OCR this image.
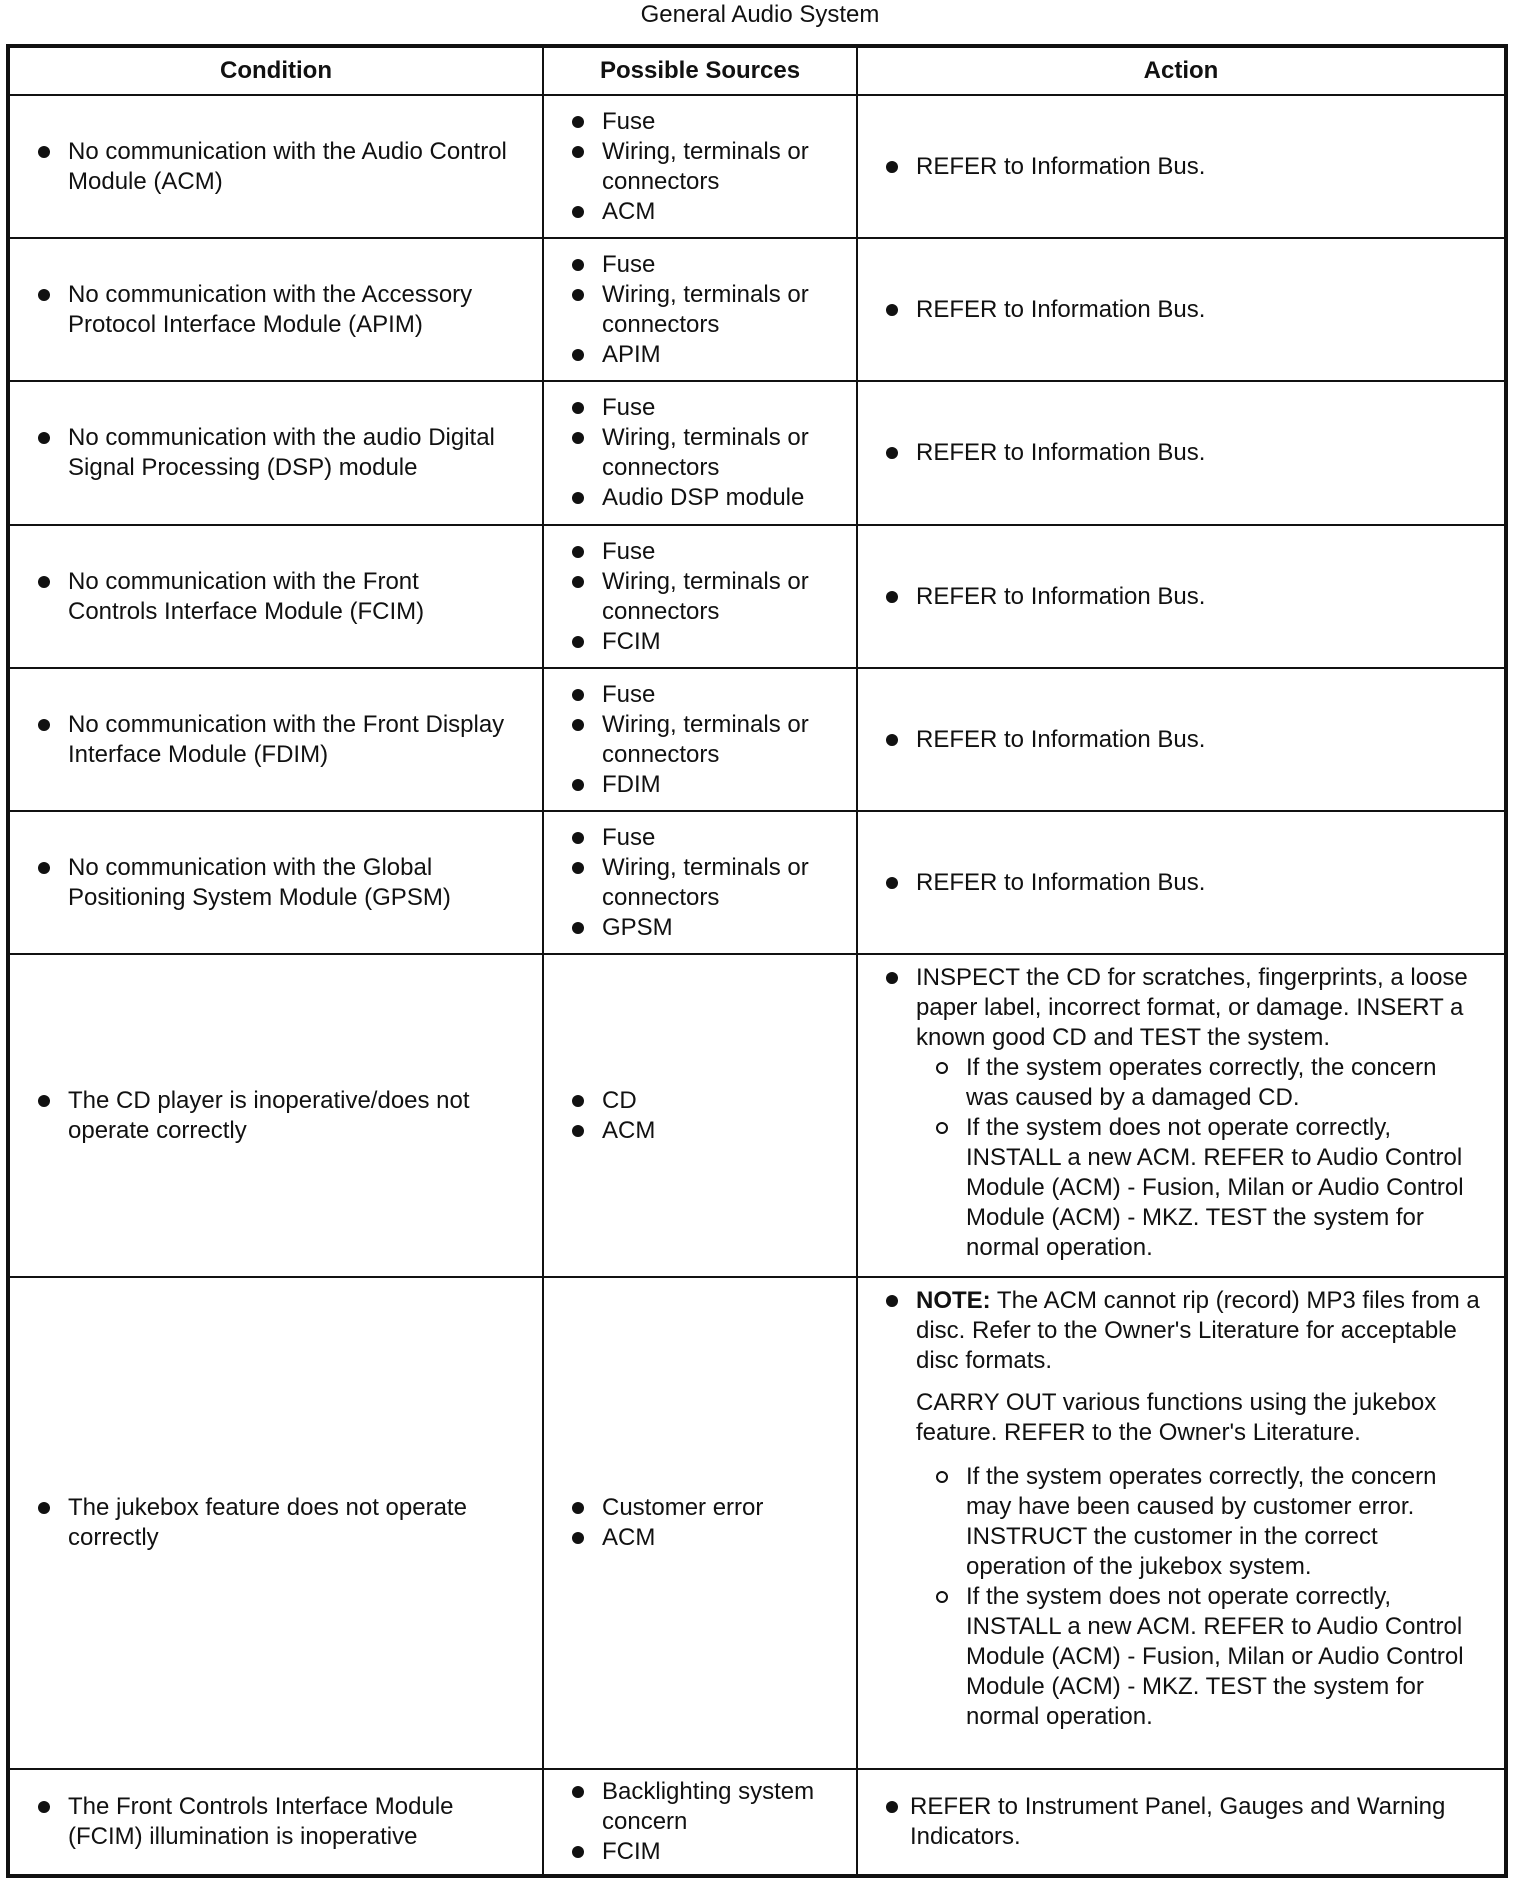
General Audio System
Condition	Possible Sources	Action
The CD player is inoperative/does not
operate correctly
CD
ACM
INSPECT the CD for scratches, fingerprints, a loose
paper label, incorrect format, or damage. INSERT a
known good CD and TEST the system.
If the system operates correctly, the concern
was caused by a damaged CD.
If the system does not operate correctly,
INSTALL a new ACM. REFER to Audio Control
Module (ACM) - Fusion, Milan or Audio Control
Module (ACM) - MKZ. TEST the system for
normal operation.
The jukebox feature does not operate
correctly
Customer error
ACM
NOTE: The ACM cannot rip (record) MP3 files from a
disc. Refer to the Owner's Literature for acceptable
disc formats.
CARRY OUT various functions using the jukebox
feature. REFER to the Owner's Literature.
If the system operates correctly, the concern
may have been caused by customer error.
INSTRUCT the customer in the correct
operation of the jukebox system.
If the system does not operate correctly,
INSTALL a new ACM. REFER to Audio Control
Module (ACM) - Fusion, Milan or Audio Control
Module (ACM) - MKZ. TEST the system for
normal operation.
The Front Controls Interface Module
(FCIM) illumination is inoperative
Backlighting system
concern
FCIM
REFER to Instrument Panel, Gauges and Warning
Indicators.
No communication with the Audio Control
Module (ACM)
Fuse
Wiring, terminals or
connectors
ACM
REFER to Information Bus.
No communication with the Accessory
Protocol Interface Module (APIM)
Fuse
Wiring, terminals or
connectors
APIM
REFER to Information Bus.
No communication with the audio Digital
Signal Processing (DSP) module
Fuse
Wiring, terminals or
connectors
Audio DSP module
REFER to Information Bus.
No communication with the Front
Controls Interface Module (FCIM)
Fuse
Wiring, terminals or
connectors
FCIM
REFER to Information Bus.
No communication with the Front Display
Interface Module (FDIM)
Fuse
Wiring, terminals or
connectors
FDIM
REFER to Information Bus.
No communication with the Global
Positioning System Module (GPSM)
Fuse
Wiring, terminals or
connectors
GPSM
REFER to Information Bus.
